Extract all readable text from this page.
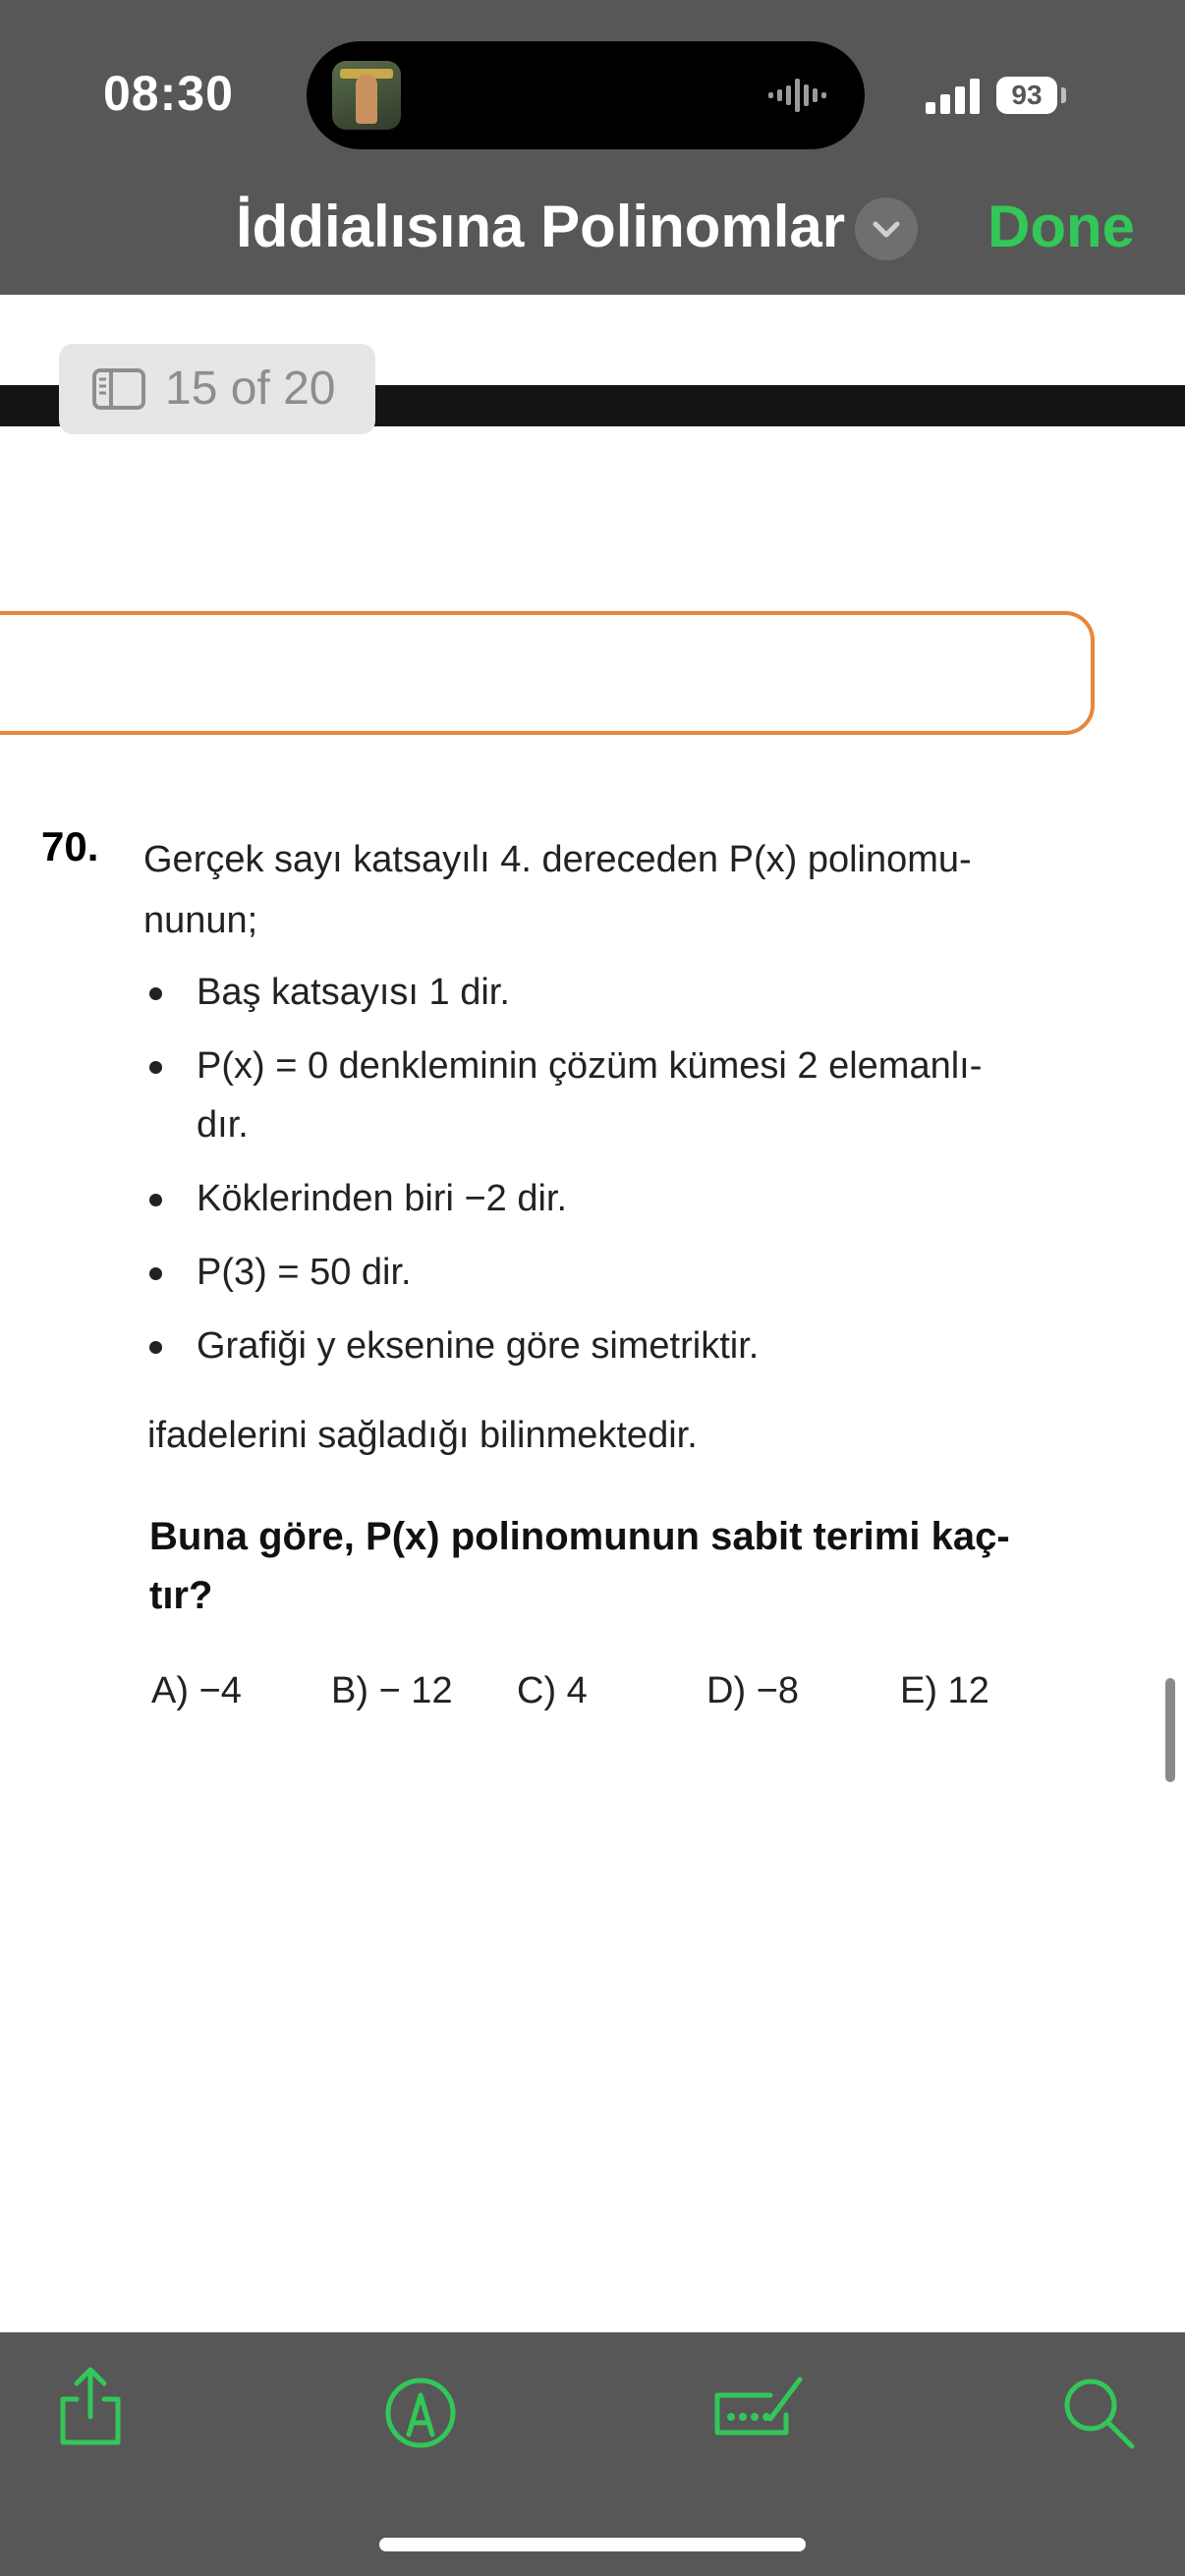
08:30	93
İddialısına Polinomlar Done
15 of 20
70. Gerçek sayı katsayılı 4. dereceden P(x) polinomu-
nunun;
Baş katsayısı 1 dir.
P(x) = 0 denkleminin çözüm kümesi 2 elemanlı-
dır.
Köklerinden biri −2 dir.
P(3) = 50 dir.
Grafiği y eksenine göre simetriktir.
ifadelerini sağladığı bilinmektedir.
Buna göre, P(x) polinomunun sabit terimi kaç-
tır?
A) −4 B) − 12 C) 4	D) −8	E) 12
